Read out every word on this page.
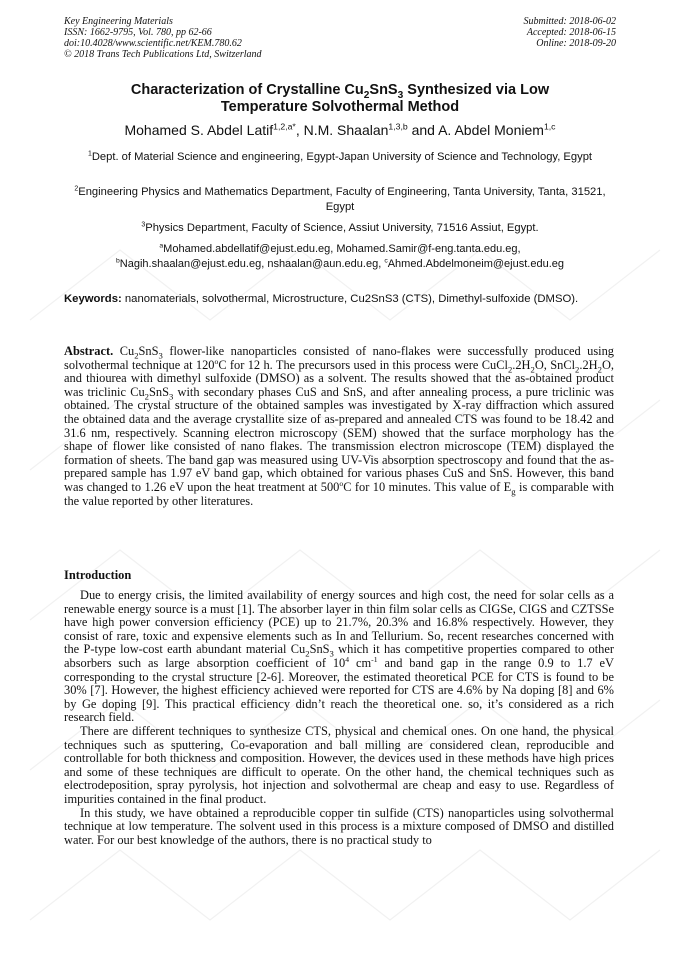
Key Engineering Materials
ISSN: 1662-9795, Vol. 780, pp 62-66
doi:10.4028/www.scientific.net/KEM.780.62
© 2018 Trans Tech Publications Ltd, Switzerland
Submitted: 2018-06-02
Accepted: 2018-06-15
Online: 2018-09-20
Characterization of Crystalline $Cu_2SnS_3$ Synthesized via Low
Temperature Solvothermal Method
Mohamed S. Abdel Latif$^{1,2,a*}$, N.M. Shaalan$^{1,3,b}$ and A. Abdel Moniem$^{1,c}$
$^1$Dept. of Material Science and engineering, Egypt-Japan University of Science and Technology, Egypt
$^2$Engineering Physics and Mathematics Department, Faculty of Engineering, Tanta University, Tanta, 31521, Egypt
$^3$Physics Department, Faculty of Science, Assiut University, 71516 Assiut, Egypt.
$^a$Mohamed.abdellatif@ejust.edu.eg, Mohamed.Samir@f-eng.tanta.edu.eg,
$^b$Nagih.shaalan@ejust.edu.eg, nshaalan@aun.edu.eg, $^c$Ahmed.Abdelmoneim@ejust.edu.eg
Keywords: nanomaterials, solvothermal, Microstructure, Cu2SnS3 (CTS), Dimethyl-sulfoxide (DMSO).
Abstract. $Cu_2SnS_3$ flower-like nanoparticles consisted of nano-flakes were successfully produced using solvothermal technique at 120$^o$C for 12 h. The precursors used in this process were $CuCl_2.2H_2O$, $SnCl_2.2H_2O$, and thiourea with dimethyl sulfoxide (DMSO) as a solvent. The results showed that the as-obtained product was triclinic $Cu_2SnS_3$ with secondary phases CuS and SnS, and after annealing process, a pure triclinic was obtained. The crystal structure of the obtained samples was investigated by X-ray diffraction which assured the obtained data and the average crystallite size of as-prepared and annealed CTS was found to be 18.42 and 31.6 nm, respectively. Scanning electron microscopy (SEM) showed that the surface morphology has the shape of flower like consisted of nano flakes. The transmission electron microscope (TEM) displayed the formation of sheets. The band gap was measured using UV-Vis absorption spectroscopy and found that the as-prepared sample has 1.97 eV band gap, which obtained for various phases CuS and SnS. However, this band was changed to 1.26 eV upon the heat treatment at 500$^o$C for 10 minutes. This value of $E_g$ is comparable with the value reported by other literatures.
Introduction

Due to energy crisis, the limited availability of energy sources and high cost, the need for solar cells as a renewable energy source is a must [1]. The absorber layer in thin film solar cells as CIGSe, CIGS and CZTSSe have high power conversion efficiency (PCE) up to 21.7%, 20.3% and 16.8% respectively. However, they consist of rare, toxic and expensive elements such as In and Tellurium. So, recent researches concerned with the P-type low-cost earth abundant material $Cu_2SnS_3$ which it has competitive properties compared to other absorbers such as large absorption coefficient of $10^4$ $cm^{-1}$ and band gap in the range 0.9 to 1.7 eV corresponding to the crystal structure [2-6]. Moreover, the estimated theoretical PCE for CTS is found to be 30% [7]. However, the highest efficiency achieved were reported for CTS are 4.6% by Na doping [8] and 6% by Ge doping [9]. This practical efficiency didn’t reach the theoretical one. so, it’s considered as a rich research field.

There are different techniques to synthesize CTS, physical and chemical ones. On one hand, the physical techniques such as sputtering, Co-evaporation and ball milling are considered clean, reproducible and controllable for both thickness and composition. However, the devices used in these methods have high prices and some of these techniques are difficult to operate. On the other hand, the chemical techniques such as electrodeposition, spray pyrolysis, hot injection and solvothermal are cheap and easy to use. Regardless of impurities contained in the final product.

In this study, we have obtained a reproducible copper tin sulfide (CTS) nanoparticles using solvothermal technique at low temperature. The solvent used in this process is a mixture composed of DMSO and distilled water. For our best knowledge of the authors, there is no practical study to
